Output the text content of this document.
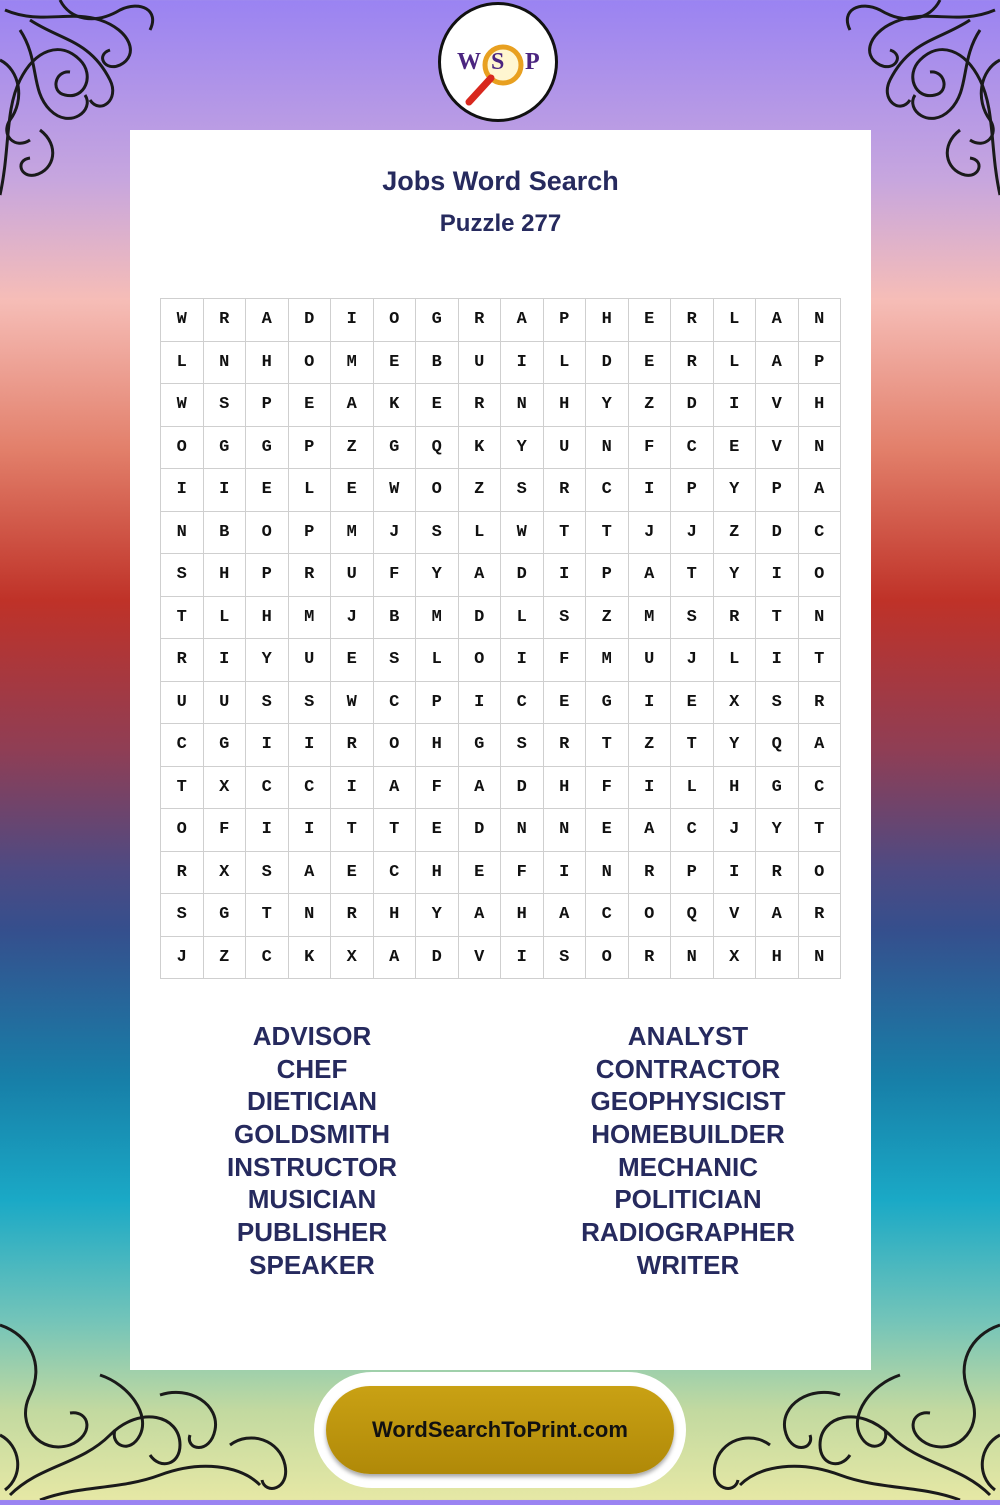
W S P
Jobs Word Search
Puzzle 277
W	R	A	D	I	O	G	R	A	P	H	E	R	L	A	N
L	N	H	O	M	E	B	U	I	L	D	E	R	L	A	P
W	S	P	E	A	K	E	R	N	H	Y	Z	D	I	V	H
O	G	G	P	Z	G	Q	K	Y	U	N	F	C	E	V	N
I	I	E	L	E	W	O	Z	S	R	C	I	P	Y	P	A
N	B	O	P	M	J	S	L	W	T	T	J	J	Z	D	C
S	H	P	R	U	F	Y	A	D	I	P	A	T	Y	I	O
T	L	H	M	J	B	M	D	L	S	Z	M	S	R	T	N
R	I	Y	U	E	S	L	O	I	F	M	U	J	L	I	T
U	U	S	S	W	C	P	I	C	E	G	I	E	X	S	R
C	G	I	I	R	O	H	G	S	R	T	Z	T	Y	Q	A
T	X	C	C	I	A	F	A	D	H	F	I	L	H	G	C
O	F	I	I	T	T	E	D	N	N	E	A	C	J	Y	T
R	X	S	A	E	C	H	E	F	I	N	R	P	I	R	O
S	G	T	N	R	H	Y	A	H	A	C	O	Q	V	A	R
J	Z	C	K	X	A	D	V	I	S	O	R	N	X	H	N
ADVISOR
CHEF
DIETICIAN
GOLDSMITH
INSTRUCTOR
MUSICIAN
PUBLISHER
SPEAKER
ANALYST
CONTRACTOR
GEOPHYSICIST
HOMEBUILDER
MECHANIC
POLITICIAN
RADIOGRAPHER
WRITER
WordSearchToPrint.com
